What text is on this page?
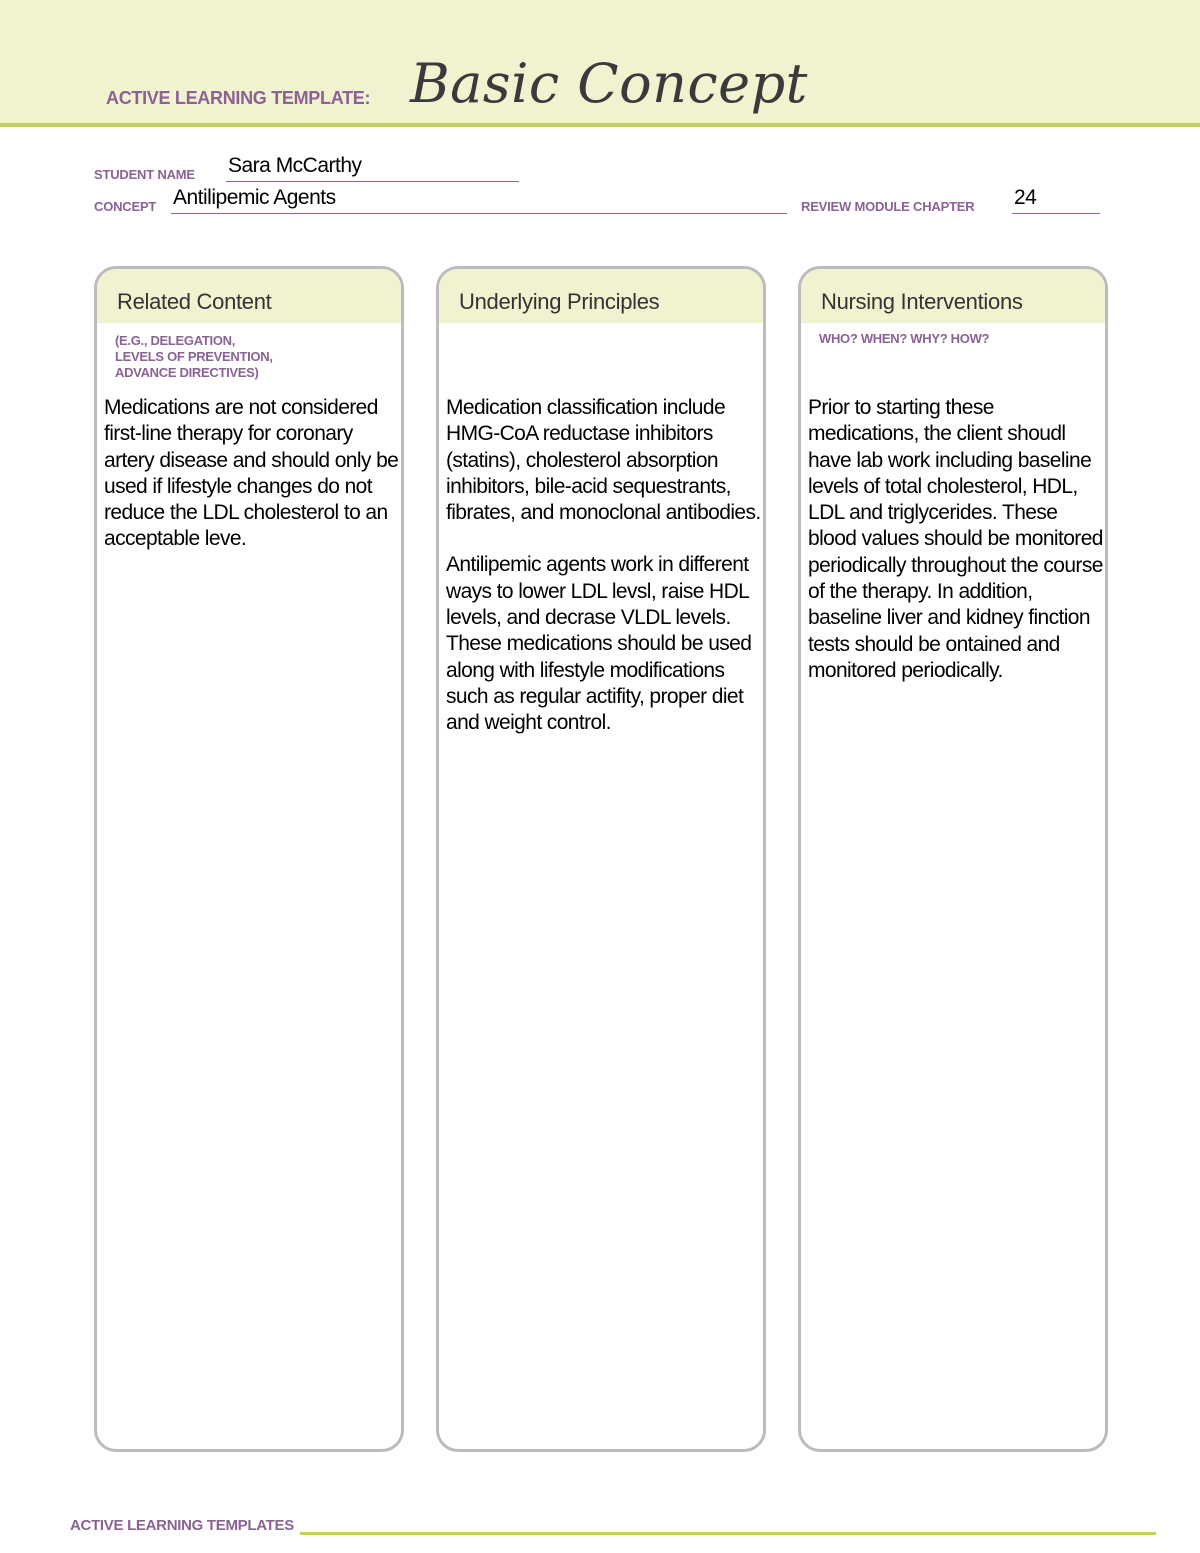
ACTIVE LEARNING TEMPLATE: Basic Concept
STUDENT NAME Sara McCarthy
CONCEPT Antilipemic Agents	REVIEW MODULE CHAPTER 24
Related Content
(E.G., DELEGATION,
LEVELS OF PREVENTION,
ADVANCE DIRECTIVES)

Medications are not considered first-line therapy for coronary artery disease and should only be used if lifestyle changes do not reduce the LDL cholesterol to an acceptable leve.

Underlying Principles

Medication classification include HMG-CoA reductase inhibitors (statins), cholesterol absorption inhibitors, bile-acid sequestrants, fibrates, and monoclonal antibodies.

Antilipemic agents work in different ways to lower LDL levsl, raise HDL levels, and decrase VLDL levels. These medications should be used along with lifestyle modifications such as regular actifity, proper diet and weight control.

Nursing Interventions
WHO? WHEN? WHY? HOW?

Prior to starting these medications, the client shoudl have lab work including baseline levels of total cholesterol, HDL, LDL and triglycerides. These blood values should be monitored periodically throughout the course of the therapy. In addition, baseline liver and kidney finction tests should be ontained and monitored periodically.

ACTIVE LEARNING TEMPLATES
